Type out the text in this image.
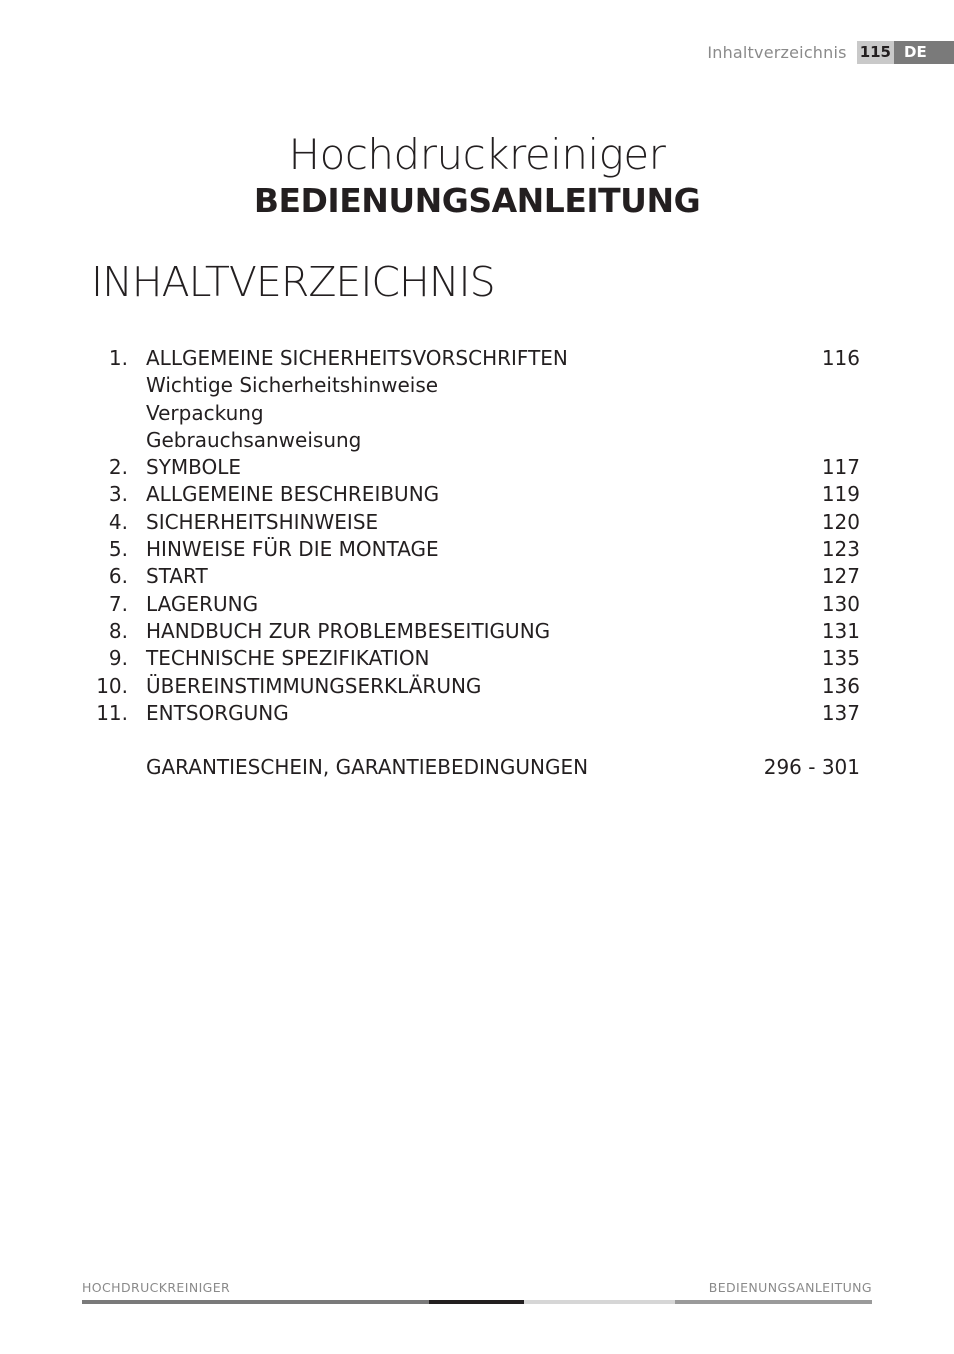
Inhaltverzeichnis 115 DE
Hochdruckreiniger
BEDIENUNGSANLEITUNG
INHALTVERZEICHNIS
1. ALLGEMEINE SICHERHEITSVORSCHRIFTEN	116
Wichtige Sicherheitshinweise
Verpackung
Gebrauchsanweisung
2. SYMBOLE	117
3. ALLGEMEINE BESCHREIBUNG	119
4. SICHERHEITSHINWEISE	120
5. HINWEISE FÜR DIE MONTAGE	123
6. START	127
7. LAGERUNG	130
8. HANDBUCH ZUR PROBLEMBESEITIGUNG	131
9. TECHNISCHE SPEZIFIKATION	135
10. ÜBEREINSTIMMUNGSERKLÄRUNG	136
11. ENTSORGUNG	137
GARANTIESCHEIN, GARANTIEBEDINGUNGEN	296 - 301
HOCHDRUCKREINIGER	BEDIENUNGSANLEITUNG
